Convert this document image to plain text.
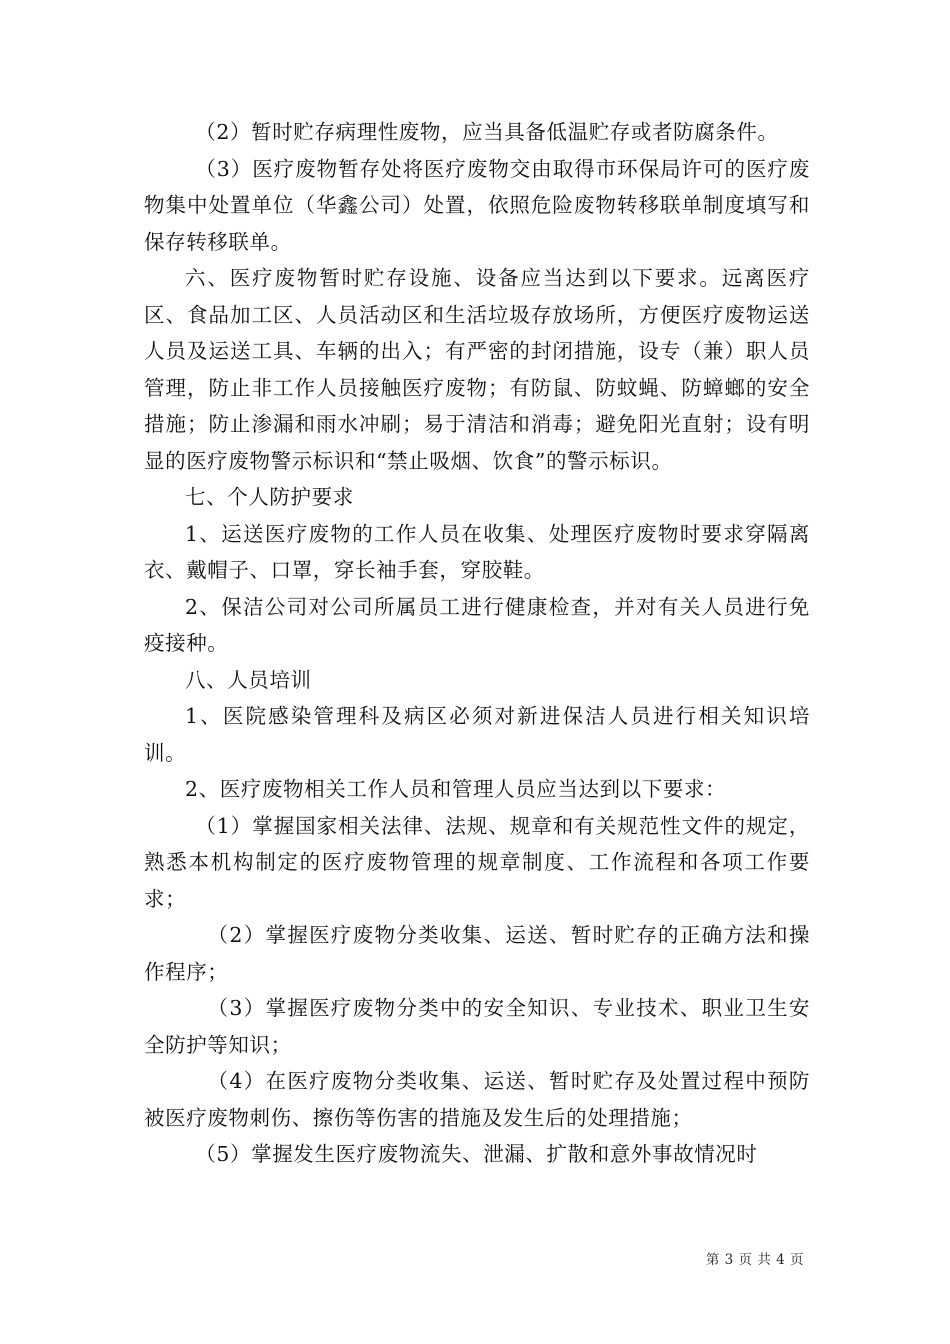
（2）暂时贮存病理性废物，应当具备低温贮存或者防腐条件。

（3）医疗废物暂存处将医疗废物交由取得市环保局许可的医疗废物集中处置单位（华鑫公司）处置，依照危险废物转移联单制度填写和保存转移联单。

六、医疗废物暂时贮存设施、设备应当达到以下要求。远离医疗区、食品加工区、人员活动区和生活垃圾存放场所，方便医疗废物运送人员及运送工具、车辆的出入；有严密的封闭措施，设专（兼）职人员管理，防止非工作人员接触医疗废物；有防鼠、防蚊蝇、防蟑螂的安全措施；防止渗漏和雨水冲刷；易于清洁和消毒；避免阳光直射；设有明显的医疗废物警示标识和“禁止吸烟、饮食”的警示标识。

七、个人防护要求

1、运送医疗废物的工作人员在收集、处理医疗废物时要求穿隔离衣、戴帽子、口罩，穿长袖手套，穿胶鞋。

2、保洁公司对公司所属员工进行健康检查，并对有关人员进行免疫接种。

八、人员培训

1、医院感染管理科及病区必须对新进保洁人员进行相关知识培训。

2、医疗废物相关工作人员和管理人员应当达到以下要求：

（1）掌握国家相关法律、法规、规章和有关规范性文件的规定，熟悉本机构制定的医疗废物管理的规章制度、工作流程和各项工作要求；

（2）掌握医疗废物分类收集、运送、暂时贮存的正确方法和操作程序；

（3）掌握医疗废物分类中的安全知识、专业技术、职业卫生安全防护等知识；

（4）在医疗废物分类收集、运送、暂时贮存及处置过程中预防被医疗废物刺伤、擦伤等伤害的措施及发生后的处理措施；

（5）掌握发生医疗废物流失、泄漏、扩散和意外事故情况时

第 3 页 共 4 页
